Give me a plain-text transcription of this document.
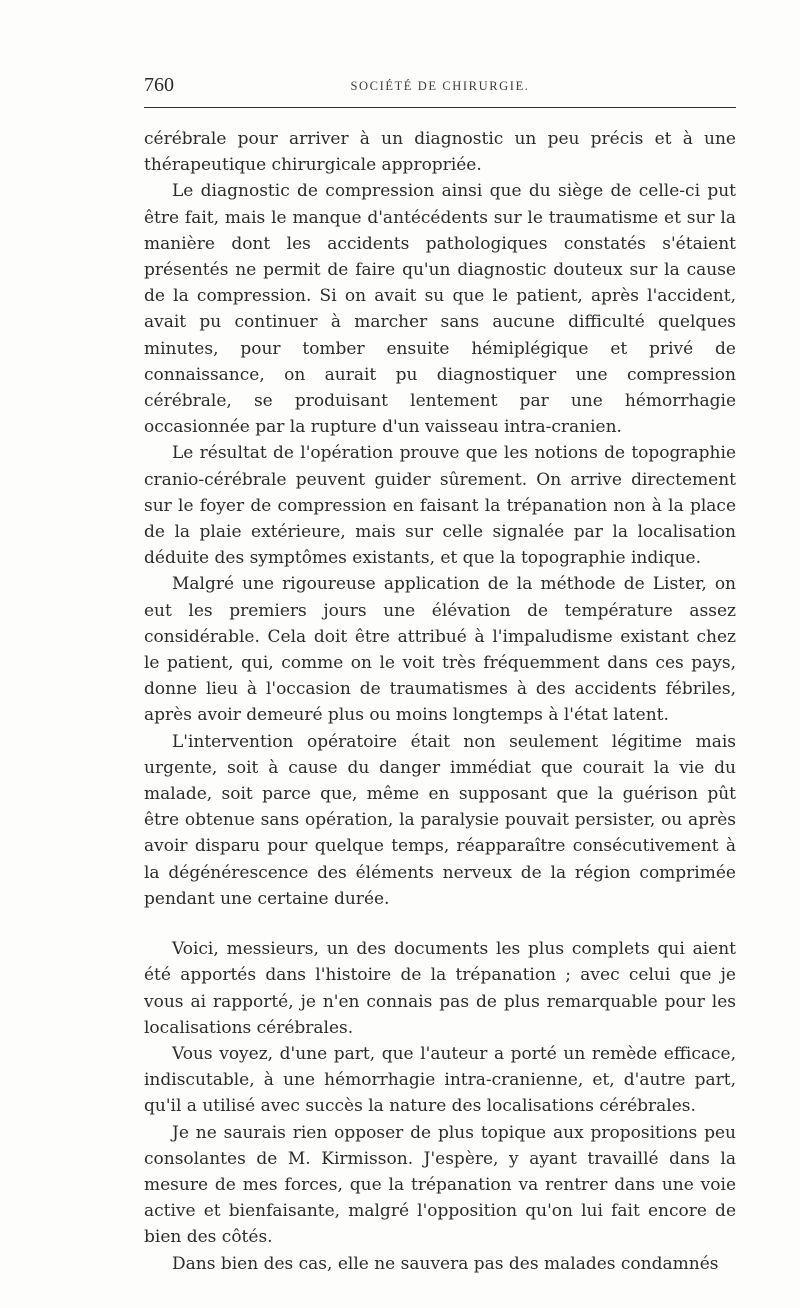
760	SOCIÉTÉ DE CHIRURGIE.

cérébrale pour arriver à un diagnostic un peu précis et à une thérapeutique chirurgicale appropriée.

Le diagnostic de compression ainsi que du siège de celle-ci put être fait, mais le manque d'antécédents sur le traumatisme et sur la manière dont les accidents pathologiques constatés s'étaient présentés ne permit de faire qu'un diagnostic douteux sur la cause de la compression. Si on avait su que le patient, après l'accident, avait pu continuer à marcher sans aucune difficulté quelques minutes, pour tomber ensuite hémiplégique et privé de connaissance, on aurait pu diagnostiquer une compression cérébrale, se produisant lentement par une hémorrhagie occasionnée par la rupture d'un vaisseau intra-cranien.

Le résultat de l'opération prouve que les notions de topographie cranio-cérébrale peuvent guider sûrement. On arrive directement sur le foyer de compression en faisant la trépanation non à la place de la plaie extérieure, mais sur celle signalée par la localisation déduite des symptômes existants, et que la topographie indique.

Malgré une rigoureuse application de la méthode de Lister, on eut les premiers jours une élévation de température assez considérable. Cela doit être attribué à l'impaludisme existant chez le patient, qui, comme on le voit très fréquemment dans ces pays, donne lieu à l'occasion de traumatismes à des accidents fébriles, après avoir demeuré plus ou moins longtemps à l'état latent.

L'intervention opératoire était non seulement légitime mais urgente, soit à cause du danger immédiat que courait la vie du malade, soit parce que, même en supposant que la guérison pût être obtenue sans opération, la paralysie pouvait persister, ou après avoir disparu pour quelque temps, réapparaître consécutivement à la dégénérescence des éléments nerveux de la région comprimée pendant une certaine durée.

Voici, messieurs, un des documents les plus complets qui aient été apportés dans l'histoire de la trépanation ; avec celui que je vous ai rapporté, je n'en connais pas de plus remarquable pour les localisations cérébrales.

Vous voyez, d'une part, que l'auteur a porté un remède efficace, indiscutable, à une hémorrhagie intra-cranienne, et, d'autre part, qu'il a utilisé avec succès la nature des localisations cérébrales.

Je ne saurais rien opposer de plus topique aux propositions peu consolantes de M. Kirmisson. J'espère, y ayant travaillé dans la mesure de mes forces, que la trépanation va rentrer dans une voie active et bienfaisante, malgré l'opposition qu'on lui fait encore de bien des côtés.

Dans bien des cas, elle ne sauvera pas des malades condamnés
